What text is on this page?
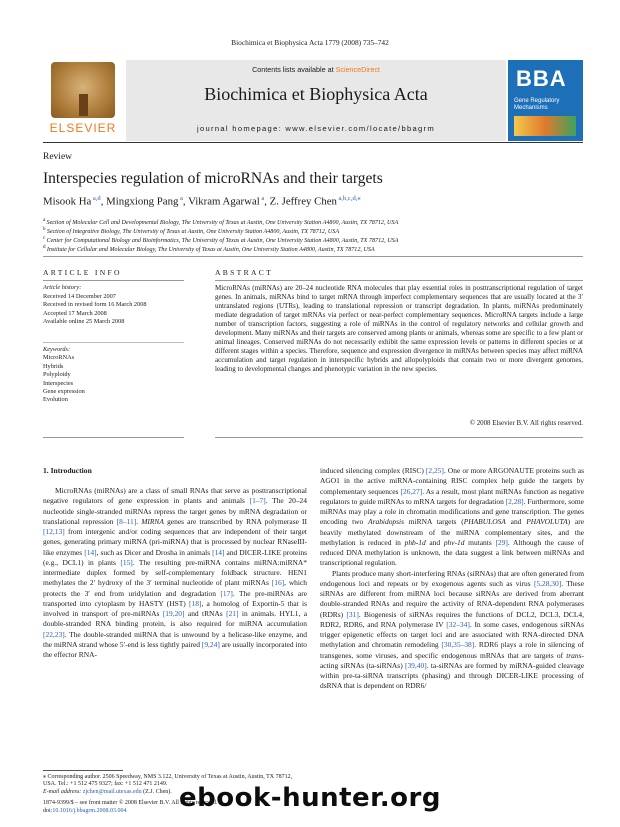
Biochimica et Biophysica Acta 1779 (2008) 735–742
ELSEVIER
Contents lists available at ScienceDirect
Biochimica et Biophysica Acta
journal homepage: www.elsevier.com/locate/bbagrm
BBA
Gene Regulatory Mechanisms
Review
Interspecies regulation of microRNAs and their targets
Misook Ha $^{a,d}$, Mingxiong Pang $^a$, Vikram Agarwal $^a$, Z. Jeffrey Chen $^{a,b,c,d,⁎}$
$^a$ Section of Molecular Cell and Developmental Biology, The University of Texas at Austin, One University Station A4800, Austin, TX 78712, USA
$^b$ Section of Integrative Biology, The University of Texas at Austin, One University Station A4800, Austin, TX 78712, USA
$^c$ Center for Computational Biology and Bioinformatics, The University of Texas at Austin, One University Station A4800, Austin, TX 78712, USA
$^d$ Institute for Cellular and Molecular Biology, The University of Texas at Austin, One University Station A4800, Austin, TX 78712, USA
ARTICLE INFO	ABSTRACT
Article history:
Received 14 December 2007
Received in revised form 16 March 2008
Accepted 17 March 2008
Available online 25 March 2008
Keywords:
MicroRNAs
Hybrids
Polyploidy
Interspecies
Gene expression
Evolution
MicroRNAs (miRNAs) are 20–24 nucleotide RNA molecules that play essential roles in posttranscriptional regulation of target genes. In animals, miRNAs bind to target mRNA through imperfect complementary sequences that are usually located at the 3′ untranslated regions (UTRs), leading to translational repression or transcript degradation. In plants, miRNAs predominately mediate degradation of target mRNAs via perfect or near-perfect complementary sequences. MicroRNA targets include a large number of transcription factors, suggesting a role of miRNAs in the control of regulatory networks and cellular growth and development. Many miRNAs and their targets are conserved among plants or animals, whereas some are specific to a few plant or animal lineages. Conserved miRNAs do not necessarily exhibit the same expression levels or patterns in different species or at different stages within a species. Therefore, sequence and expression divergence in miRNAs between species may affect miRNA accumulation and target regulation in interspecific hybrids and allopolyploids that contain two or more divergent genomes, leading to developmental changes and phenotypic variation in the new species.
© 2008 Elsevier B.V. All rights reserved.
1. Introduction

MicroRNAs (miRNAs) are a class of small RNAs that serve as posttranscriptional negative regulators of gene expression in plants and animals [1–7]. The 20–24 nucleotide single-stranded miRNAs repress the target genes by mRNA degradation or translational repression [8–11]. MIRNA genes are transcribed by RNA polymerase II [12,13] from intergenic and/or coding sequences that are independent of their target genes, generating primary miRNA (pri-miRNA) that is processed by nuclear RNaseIII-like enzymes [14], such as Dicer and Drosha in animals [14] and DICER-LIKE proteins (e.g., DCL1) in plants [15]. The resulting pre-miRNA contains miRNA:miRNA* intermediate duplex formed by self-complementary foldback structure. HEN1 methylates the 2′ hydroxy of the 3′ terminal nucleotide of plant miRNAs [16], which protects the 3′ end from uridylation and degradation [17]. The pre-miRNAs are transported into cytoplasm by HASTY (HST) [18], a homolog of Exportin-5 that is involved in transport of pre-miRNAs [19,20] and tRNAs [21] in animals. HYL1, a double-stranded RNA binding protein, is also required for miRNA accumulation [22,23]. The double-stranded miRNA that is unwound by a helicase-like enzyme, and the miRNA strand whose 5′-end is less tightly paired [9,24] are usually incorporated into the effector RNA-

induced silencing complex (RISC) [2,25]. One or more ARGONAUTE proteins such as AGO1 in the active miRNA-containing RISC complex help guide the targets by complementary sequences [26,27]. As a result, most plant miRNAs function as negative regulators to guide miRNAs to mRNA targets for degradation [2,28]. Furthermore, some miRNAs may play a role in chromatin modifications and gene transcription. The genes encoding two Arabidopsis miRNA targets (PHABULOSA and PHAVOLUTA) are heavily methylated downstream of the miRNA complementary sites, and the methylation is reduced in phb-1d and phv-1d mutants [29]. Although the cause of reduced DNA methylation is unknown, the data suggest a link between miRNAs and transcriptional regulation.

Plants produce many short-interfering RNAs (siRNAs) that are often generated from endogenous loci and repeats or by exogenous agents such as virus [5,28,30]. These siRNAs are different from miRNA loci because siRNAs are derived from aberrant double-stranded RNAs and require the activity of RNA-dependent RNA polymerases (RDRs) [31]. Biogenesis of siRNAs requires the functions of DCL2, DCL3, DCL4, RDR2, RDR6, and RNA polymerase IV [32–34]. In some cases, endogenous siRNAs trigger epigenetic effects on target loci and are associated with RNA-directed DNA methylation and chromatin remodeling [30,35–38]. RDR6 plays a role in silencing of transgenes, some viruses, and specific endogenous mRNAs that are targets of trans-acting siRNAs (ta-siRNAs) [39,40]. ta-siRNAs are formed by miRNA-guided cleavage within pre-ta-siRNA transcripts (phasing) and through DICER-LIKE processing of dsRNA that is dependent on RDR6/

⁎ Corresponding author. 2506 Speedway, NMS 3.122, University of Texas at Austin, Austin, TX 78712, USA. Tel.: +1 512 475 9327; fax: +1 512 471 2149.
E-mail address: zjchen@mail.utexas.edu (Z.J. Chen).
1874-9399/$ – see front matter © 2008 Elsevier B.V. All rights reserved.
doi:10.1016/j.bbagrm.2008.03.004	ebook-hunter.org
